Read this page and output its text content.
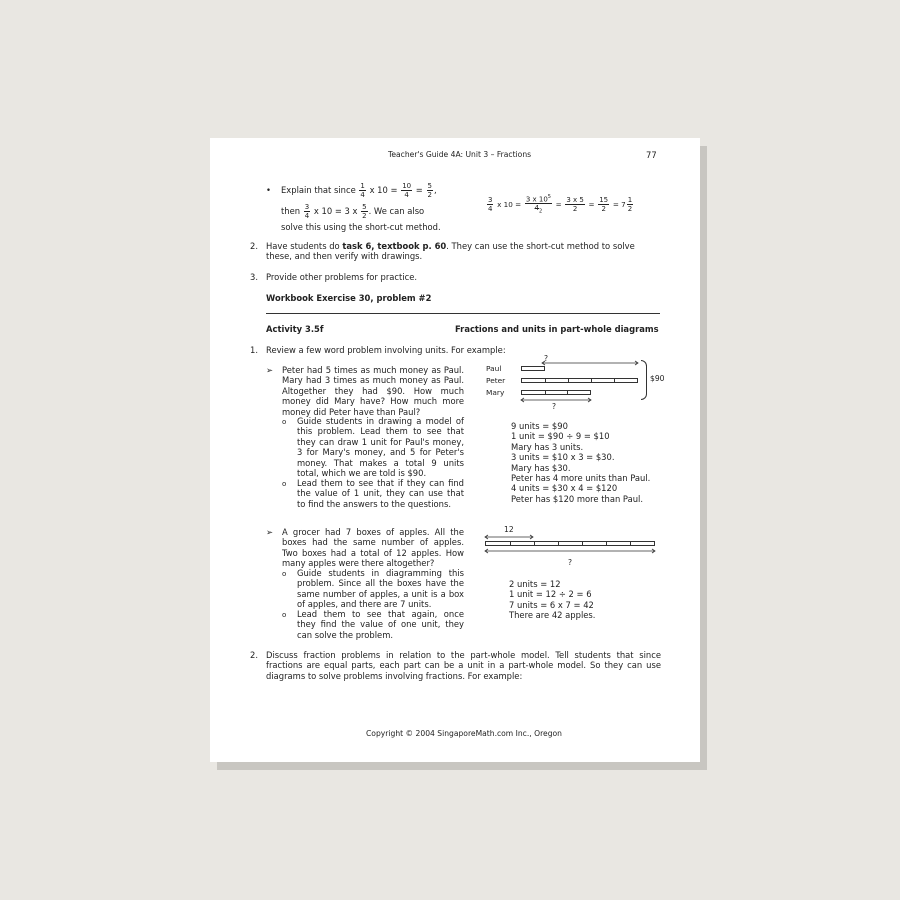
Teacher's Guide 4A: Unit 3 – Fractions	77
• Explain that since $\frac{1}{4}$ x $10 = \frac{10}{4} = \frac{5}{2}$ ,
then $\frac{3}{4}$ x 10 = 3 x $\frac{5}{2}$ . We can also
solve this using the short-cut method.
$\frac{3}{4}$ x $10 = \frac{3 x 10^5}{4_2} = \frac{3 x 5}{2} = \frac{15}{2} = 7 \frac{1}{2}$
2. Have students do task 6, textbook p. 60. They can use the short-cut method to solve
these, and then verify with drawings.
3. Provide other problems for practice.
Workbook Exercise 30, problem #2
Activity 3.5f	Fractions and units in part-whole diagrams
1. Review a few word problem involving units. For example:
➢ Peter had 5 times as much money as Paul.
Mary had 3 times as much money as Paul.
Altogether they had $90. How much
money did Mary have? How much more
money did Peter have than Paul?
o Guide students in drawing a model of
this problem. Lead them to see that
they can draw 1 unit for Paul's money,
3 for Mary's money, and 5 for Peter's
money. That makes a total 9 units
total, which we are told is $90.
o Lead them to see that if they can find
the value of 1 unit, they can use that
to find the answers to the questions.
?
Paul
Peter
Mary
$90
?
9 units = $90
1 unit = $90 ÷ 9 = $10
Mary has 3 units.
3 units = $10 x 3 = $30.
Mary has $30.
Peter has 4 more units than Paul.
4 units = $30 x 4 = $120
Peter has $120 more than Paul.
➢ A grocer had 7 boxes of apples. All the
boxes had the same number of apples.
Two boxes had a total of 12 apples. How
many apples were there altogether?
o Guide students in diagramming this
problem. Since all the boxes have the
same number of apples, a unit is a box
of apples, and there are 7 units.
o Lead them to see that again, once
they find the value of one unit, they
can solve the problem.
12
?
2 units = 12
1 unit = 12 ÷ 2 = 6
7 units = 6 x 7 = 42
There are 42 apples.
2. Discuss fraction problems in relation to the part-whole model. Tell students that since
fractions are equal parts, each part can be a unit in a part-whole model. So they can use
diagrams to solve problems involving fractions. For example:
Copyright © 2004 SingaporeMath.com Inc., Oregon
